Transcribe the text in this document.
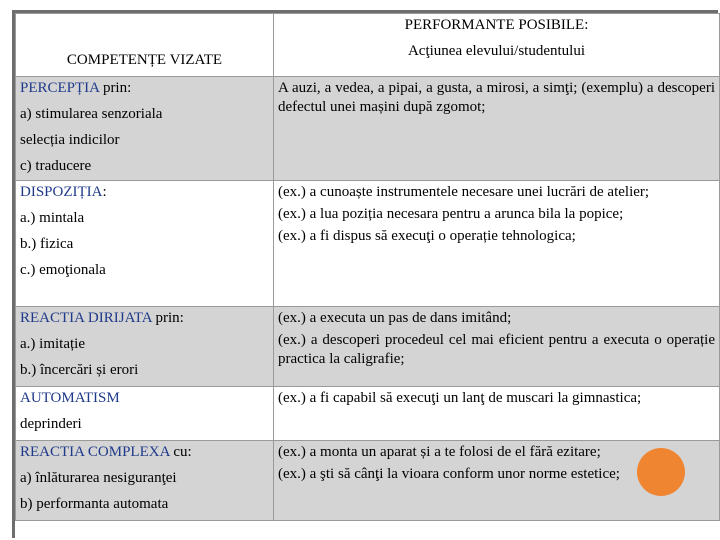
COMPETENȚE VIZATE	PERFORMANTE POSIBILE:
Acţiunea elevului/studentului

PERCEPȚIA prin:
a) stimularea senzoriala
selecția indicilor
c) traducere	A auzi, a vedea, a pipai, a gusta, a mirosi, a simţi; (exemplu) a descoperi defectul unei mașini după zgomot;

DISPOZIȚIA:
a.) mintala
b.) fizica
c.) emoţionala	(ex.) a cunoaște instrumentele necesare unei lucrări de atelier;
(ex.) a lua poziția necesara pentru a arunca bila la popice;
(ex.) a fi dispus să execuţi o operație tehnologica;

REACTIA DIRIJATA prin:
a.) imitație
b.) încercări și erori	(ex.) a executa un pas de dans imitând;
(ex.) a descoperi procedeul cel mai eficient pentru a executa o operație practica la caligrafie;

AUTOMATISM
deprinderi	(ex.) a fi capabil să execuţi un lanţ de muscari la gimnastica;

REACTIA COMPLEXA cu:
a) înlăturarea nesiguranţei
b) performanta automata	(ex.) a monta un aparat și a te folosi de el fără ezitare;
(ex.) a şti să cânţi la vioara conform unor norme estetice;
